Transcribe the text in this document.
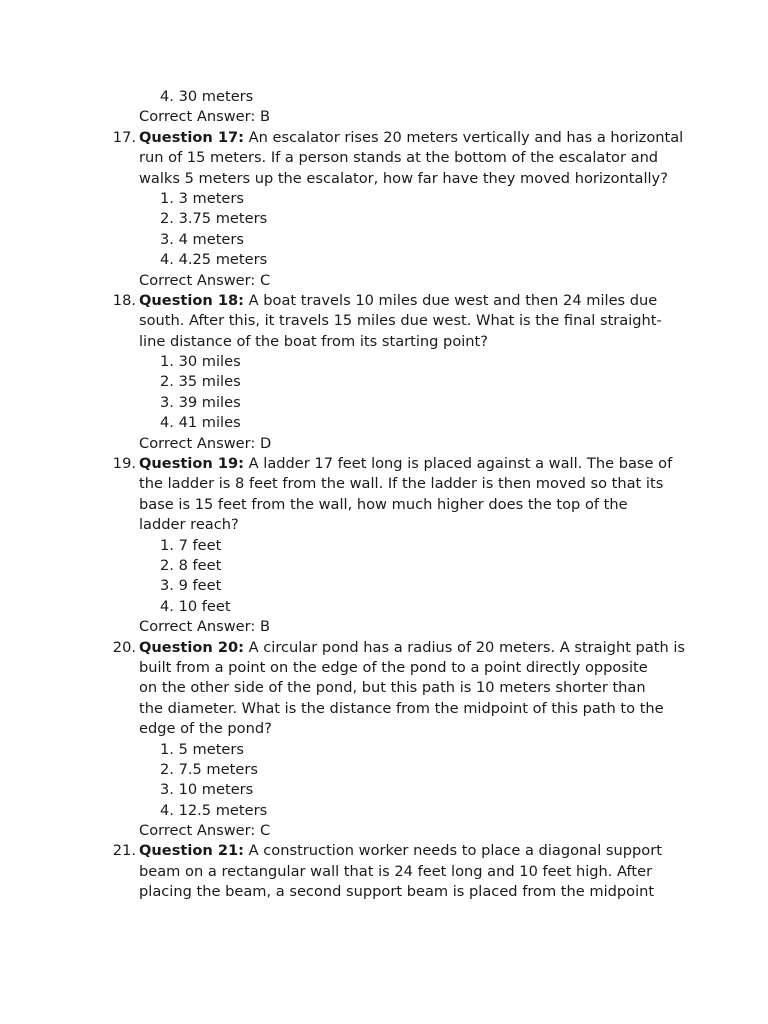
4. 30 meters
Correct Answer: B
17. Question 17: An escalator rises 20 meters vertically and has a horizontal
run of 15 meters. If a person stands at the bottom of the escalator and
walks 5 meters up the escalator, how far have they moved horizontally?
1. 3 meters
2. 3.75 meters
3. 4 meters
4. 4.25 meters
Correct Answer: C
18. Question 18: A boat travels 10 miles due west and then 24 miles due
south. After this, it travels 15 miles due west. What is the final straight-
line distance of the boat from its starting point?
1. 30 miles
2. 35 miles
3. 39 miles
4. 41 miles
Correct Answer: D
19. Question 19: A ladder 17 feet long is placed against a wall. The base of
the ladder is 8 feet from the wall. If the ladder is then moved so that its
base is 15 feet from the wall, how much higher does the top of the
ladder reach?
1. 7 feet
2. 8 feet
3. 9 feet
4. 10 feet
Correct Answer: B
20. Question 20: A circular pond has a radius of 20 meters. A straight path is
built from a point on the edge of the pond to a point directly opposite
on the other side of the pond, but this path is 10 meters shorter than
the diameter. What is the distance from the midpoint of this path to the
edge of the pond?
1. 5 meters
2. 7.5 meters
3. 10 meters
4. 12.5 meters
Correct Answer: C
21. Question 21: A construction worker needs to place a diagonal support
beam on a rectangular wall that is 24 feet long and 10 feet high. After
placing the beam, a second support beam is placed from the midpoint
